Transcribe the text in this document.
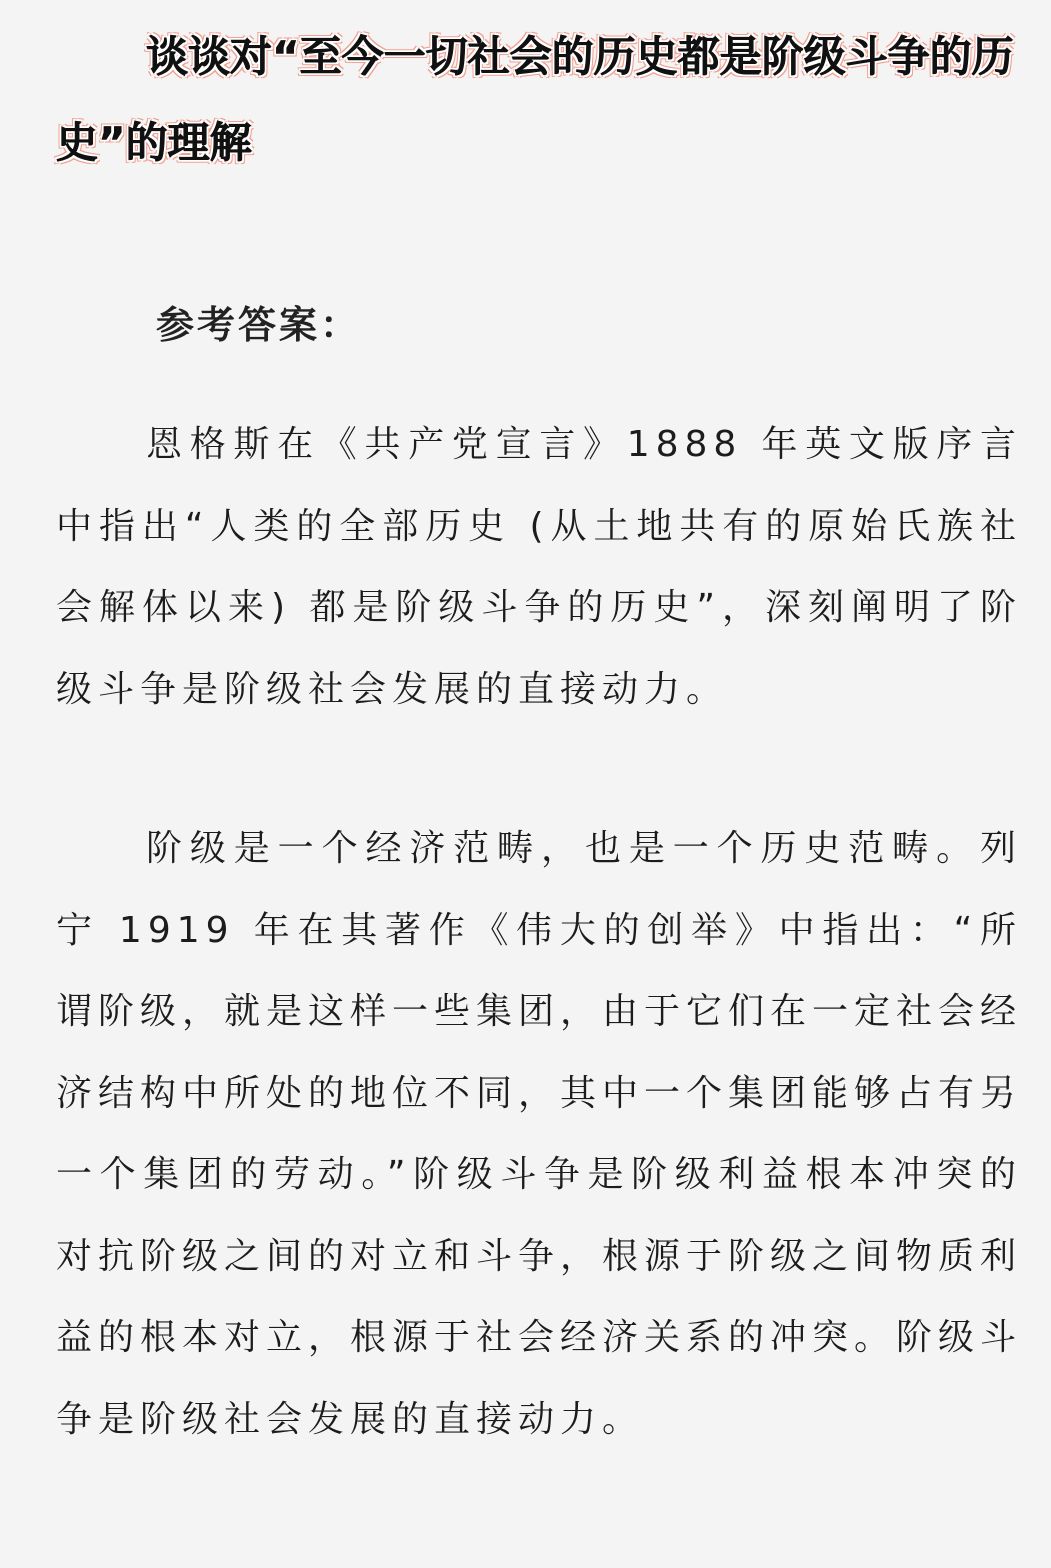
谈谈对“至今一切社会的历史都是阶级斗争的历史”的理解

参考答案：

恩格斯在《共产党宣言》1888 年英文版序言中指出“人类的全部历史 (从土地共有的原始氏族社会解体以来) 都是阶级斗争的历史”，深刻阐明了阶级斗争是阶级社会发展的直接动力。

阶级是一个经济范畴，也是一个历史范畴。列宁 1919 年在其著作《伟大的创举》中指出：“所谓阶级，就是这样一些集团，由于它们在一定社会经济结构中所处的地位不同，其中一个集团能够占有另一个集团的劳动。”阶级斗争是阶级利益根本冲突的对抗阶级之间的对立和斗争，根源于阶级之间物质利益的根本对立，根源于社会经济关系的冲突。阶级斗争是阶级社会发展的直接动力。
